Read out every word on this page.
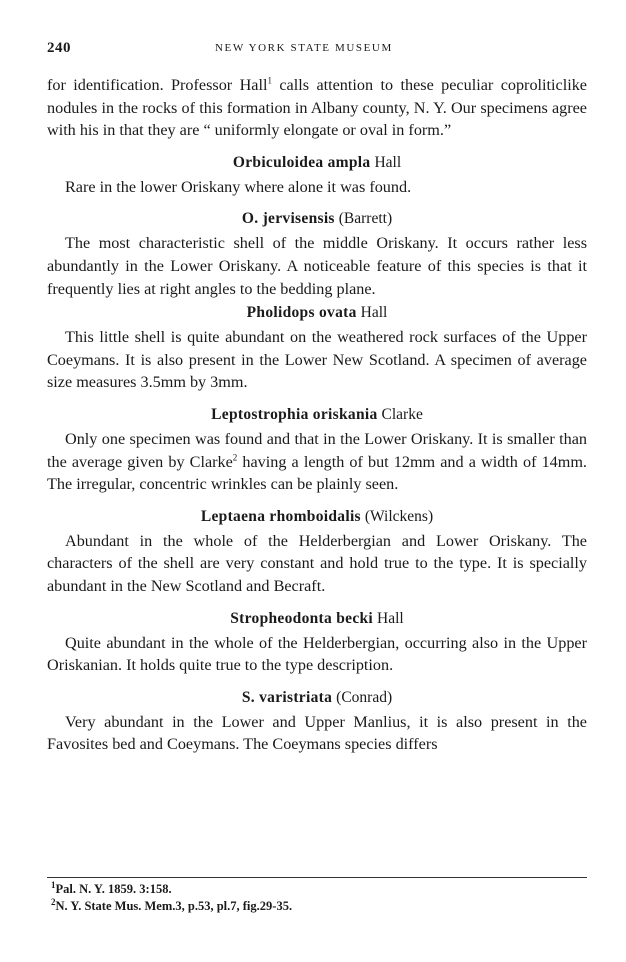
240	NEW YORK STATE MUSEUM

for identification. Professor Hall$^1$ calls attention to these peculiar coproliticlike nodules in the rocks of this formation in Albany county, N. Y. Our specimens agree with his in that they are “ uniformly elongate or oval in form.”

Orbiculoidea ampla Hall

Rare in the lower Oriskany where alone it was found.

O. jervisensis (Barrett)

The most characteristic shell of the middle Oriskany. It occurs rather less abundantly in the Lower Oriskany. A noticeable feature of this species is that it frequently lies at right angles to the bedding plane.

Pholidops ovata Hall

This little shell is quite abundant on the weathered rock surfaces of the Upper Coeymans. It is also present in the Lower New Scotland. A specimen of average size measures 3.5mm by 3mm.

Leptostrophia oriskania Clarke

Only one specimen was found and that in the Lower Oriskany. It is smaller than the average given by Clarke$^2$ having a length of but 12mm and a width of 14mm. The irregular, concentric wrinkles can be plainly seen.

Leptaena rhomboidalis (Wilckens)

Abundant in the whole of the Helderbergian and Lower Oriskany. The characters of the shell are very constant and hold true to the type. It is specially abundant in the New Scotland and Becraft.

Stropheodonta becki Hall

Quite abundant in the whole of the Helderbergian, occurring also in the Upper Oriskanian. It holds quite true to the type description.

S. varistriata (Conrad)

Very abundant in the Lower and Upper Manlius, it is also present in the Favosites bed and Coeymans. The Coeymans species differs

$^1$Pal. N. Y. 1859. 3:158.
$^2$N. Y. State Mus. Mem.3, p.53, pl.7, fig.29-35.
